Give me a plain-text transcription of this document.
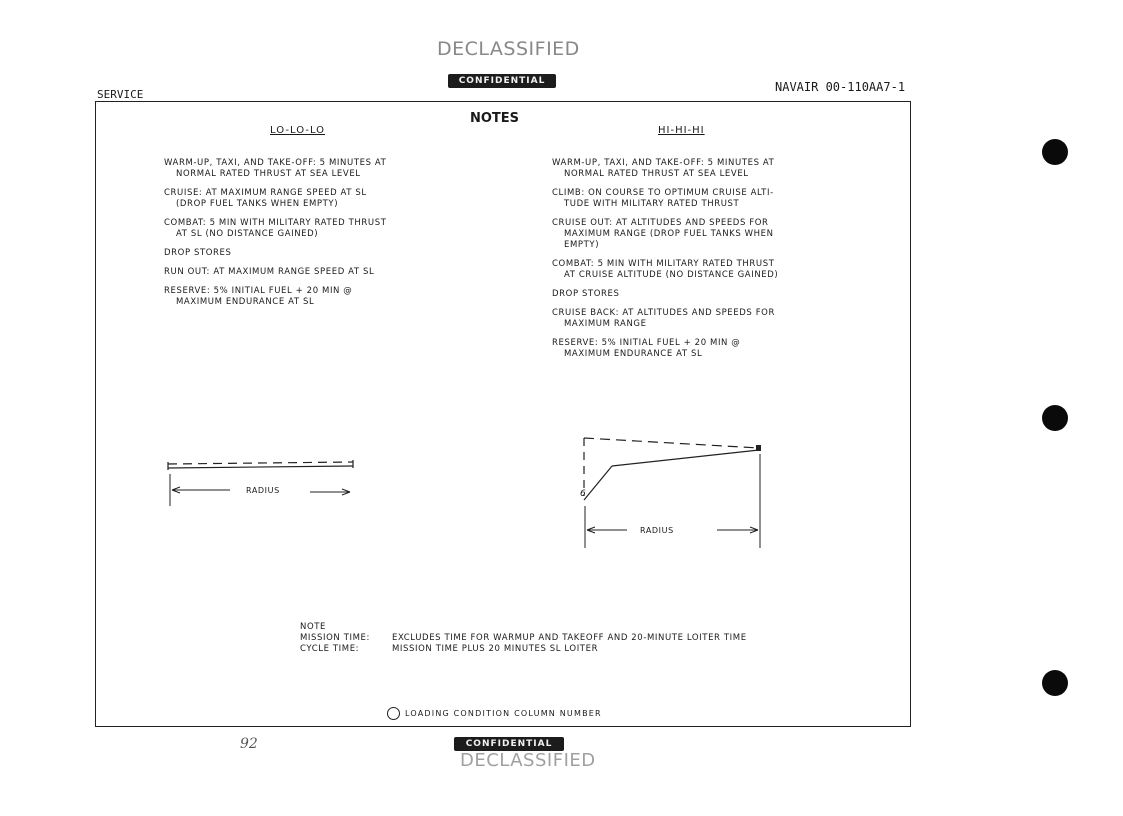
DECLASSIFIED
CONFIDENTIAL
SERVICE
NAVAIR 00-110AA7-1
NOTES
LO-LO-LO
WARM-UP, TAXI, AND TAKE-OFF: 5 MINUTES AT
NORMAL RATED THRUST AT SEA LEVEL
CRUISE: AT MAXIMUM RANGE SPEED AT SL
(DROP FUEL TANKS WHEN EMPTY)
COMBAT: 5 MIN WITH MILITARY RATED THRUST
AT SL (NO DISTANCE GAINED)
DROP STORES
RUN OUT: AT MAXIMUM RANGE SPEED AT SL
RESERVE: 5% INITIAL FUEL + 20 MIN @
MAXIMUM ENDURANCE AT SL
HI-HI-HI
WARM-UP, TAXI, AND TAKE-OFF: 5 MINUTES AT
NORMAL RATED THRUST AT SEA LEVEL
CLIMB: ON COURSE TO OPTIMUM CRUISE ALTI-
TUDE WITH MILITARY RATED THRUST
CRUISE OUT: AT ALTITUDES AND SPEEDS FOR
MAXIMUM RANGE (DROP FUEL TANKS WHEN
EMPTY)
COMBAT: 5 MIN WITH MILITARY RATED THRUST
AT CRUISE ALTITUDE (NO DISTANCE GAINED)
DROP STORES
CRUISE BACK: AT ALTITUDES AND SPEEDS FOR
MAXIMUM RANGE
RESERVE: 5% INITIAL FUEL + 20 MIN @
MAXIMUM ENDURANCE AT SL
RADIUS	6
RADIUS
NOTE
MISSION TIME:	EXCLUDES TIME FOR WARMUP AND TAKEOFF AND 20-MINUTE LOITER TIME
CYCLE TIME:	MISSION TIME PLUS 20 MINUTES SL LOITER
LOADING CONDITION COLUMN NUMBER
CONFIDENTIAL
DECLASSIFIED
92
